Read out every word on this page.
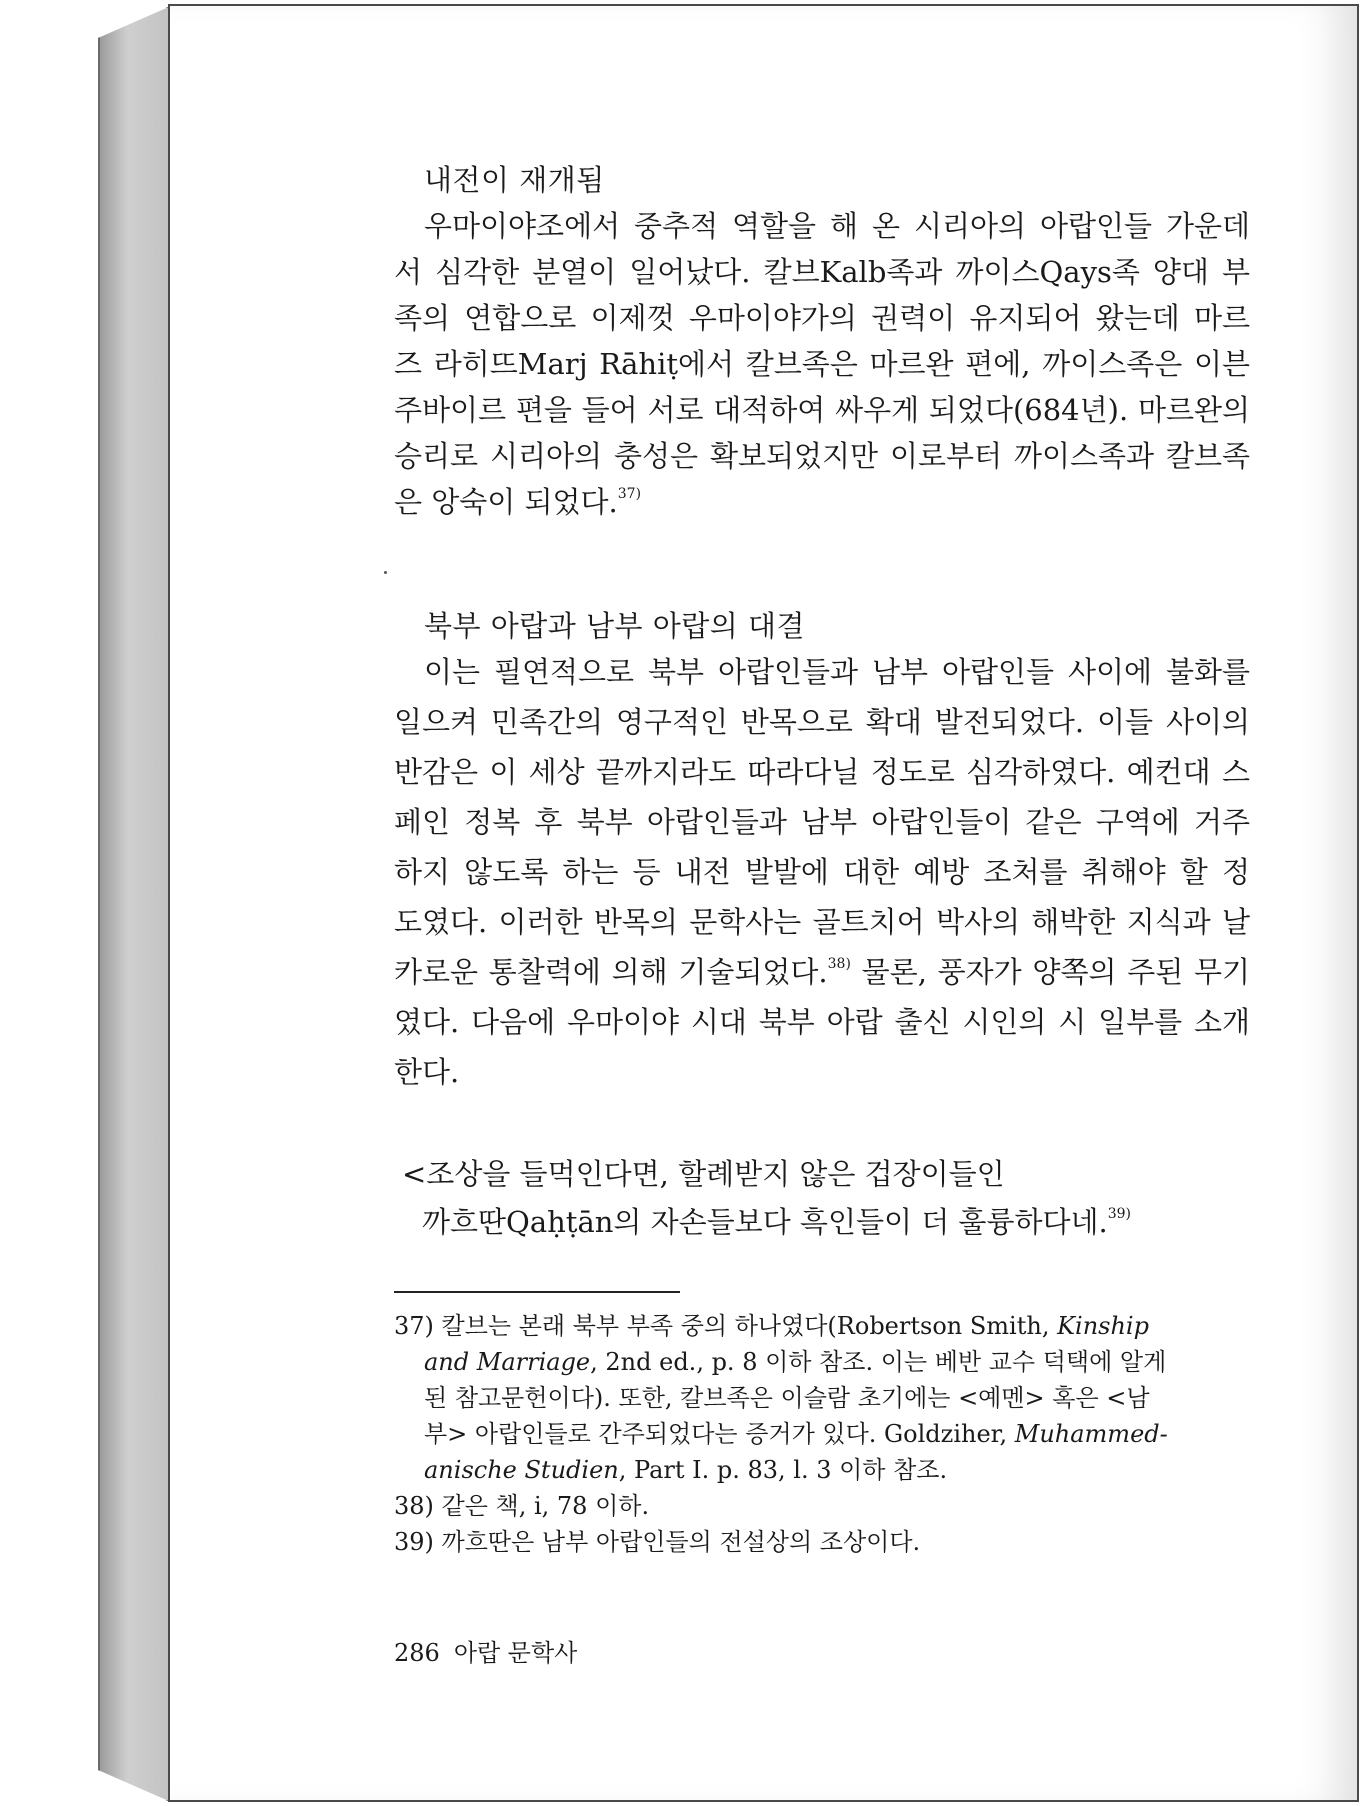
내전이 재개됨
우마이야조에서 중추적 역할을 해 온 시리아의 아랍인들 가운데
서 심각한 분열이 일어났다. 칼브Kalb족과 까이스Qays족 양대 부
족의 연합으로 이제껏 우마이야가의 권력이 유지되어 왔는데 마르
즈 라히뜨Marj Rāhiṭ에서 칼브족은 마르완 편에, 까이스족은 이븐
주바이르 편을 들어 서로 대적하여 싸우게 되었다(684년). 마르완의
승리로 시리아의 충성은 확보되었지만 이로부터 까이스족과 칼브족
은 앙숙이 되었다.$^{37)}$
북부 아랍과 남부 아랍의 대결
이는 필연적으로 북부 아랍인들과 남부 아랍인들 사이에 불화를
일으켜 민족간의 영구적인 반목으로 확대 발전되었다. 이들 사이의
반감은 이 세상 끝까지라도 따라다닐 정도로 심각하였다. 예컨대 스
페인 정복 후 북부 아랍인들과 남부 아랍인들이 같은 구역에 거주
하지 않도록 하는 등 내전 발발에 대한 예방 조처를 취해야 할 정
도였다. 이러한 반목의 문학사는 골트치어 박사의 해박한 지식과 날
카로운 통찰력에 의해 기술되었다.$^{38)}$ 물론, 풍자가 양쪽의 주된 무기
였다. 다음에 우마이야 시대 북부 아랍 출신 시인의 시 일부를 소개
한다.
<조상을 들먹인다면, 할례받지 않은 겁장이들인
까흐딴Qaḥṭān의 자손들보다 흑인들이 더 훌륭하다네.$^{39)}$
37) 칼브는 본래 북부 부족 중의 하나였다(Robertson Smith, Kinship
and Marriage, 2nd ed., p. 8 이하 참조. 이는 베반 교수 덕택에 알게
된 참고문헌이다). 또한, 칼브족은 이슬람 초기에는 <예멘> 혹은 <남
부> 아랍인들로 간주되었다는 증거가 있다. Goldziher, Muhammed-
anische Studien, Part I. p. 83, l. 3 이하 참조.
38) 같은 책, i, 78 이하.
39) 까흐딴은 남부 아랍인들의 전설상의 조상이다.
286 아랍 문학사
